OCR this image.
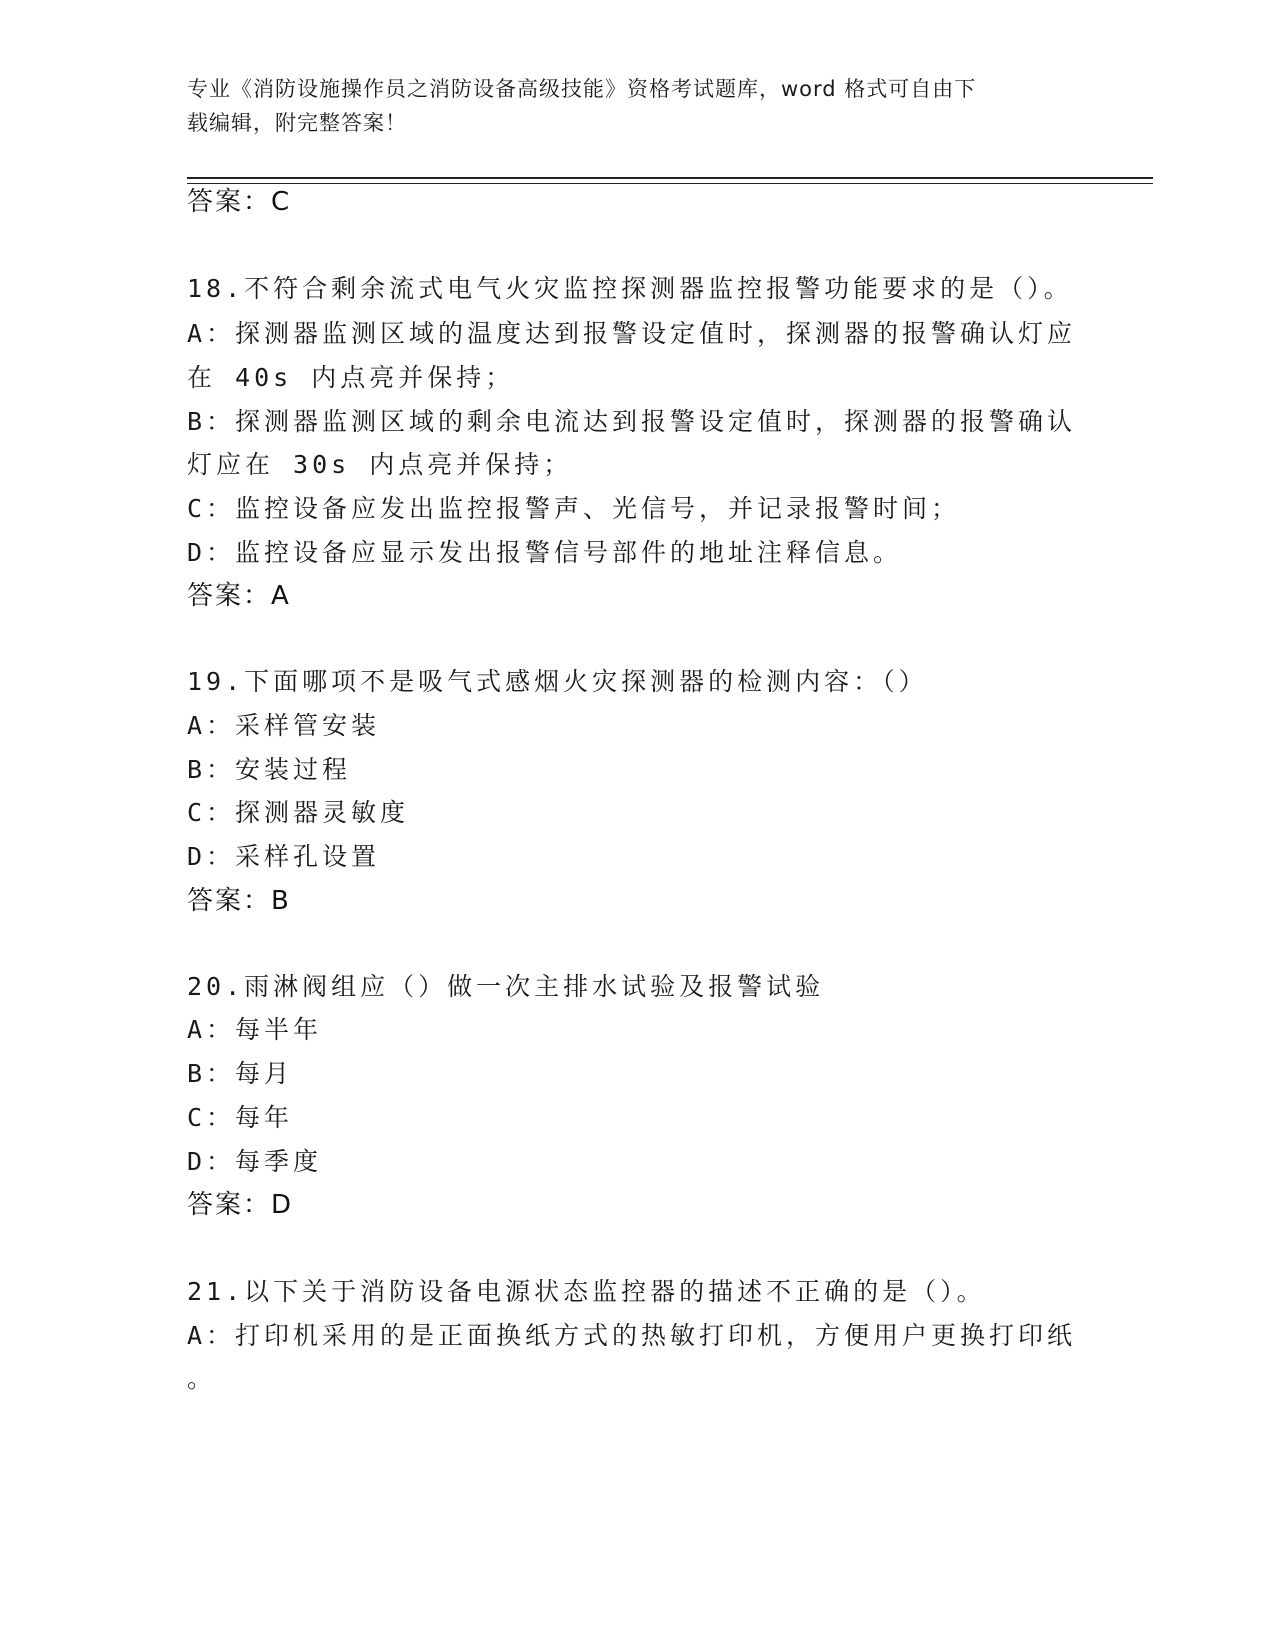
专业《消防设施操作员之消防设备高级技能》资格考试题库，word 格式可自由下
载编辑，附完整答案！
答案：C
18.不符合剩余流式电气火灾监控探测器监控报警功能要求的是（）。
A：探测器监测区域的温度达到报警设定值时，探测器的报警确认灯应
在 40s 内点亮并保持；
B：探测器监测区域的剩余电流达到报警设定值时，探测器的报警确认
灯应在 30s 内点亮并保持；
C：监控设备应发出监控报警声、光信号，并记录报警时间；
D：监控设备应显示发出报警信号部件的地址注释信息。
答案：A
19.下面哪项不是吸气式感烟火灾探测器的检测内容：（）
A：采样管安装
B：安装过程
C：探测器灵敏度
D：采样孔设置
答案：B
20.雨淋阀组应（）做一次主排水试验及报警试验
A：每半年
B：每月
C：每年
D：每季度
答案：D
21.以下关于消防设备电源状态监控器的描述不正确的是（）。
A：打印机采用的是正面换纸方式的热敏打印机，方便用户更换打印纸
。
